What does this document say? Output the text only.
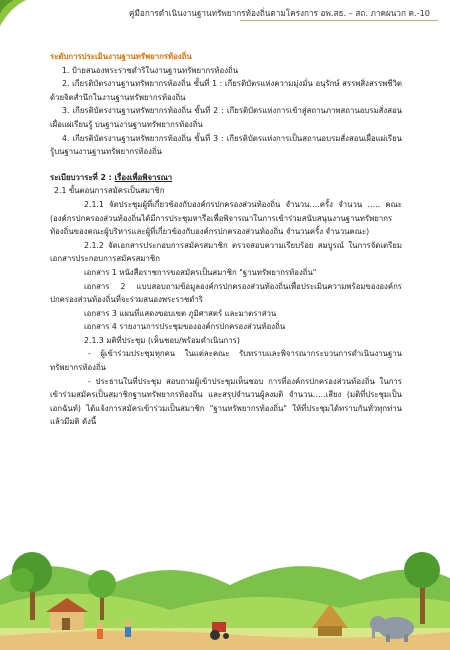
คู่มือการดำเนินงานฐานทรัพยากรท้องถิ่นตามโครงการ อพ.สธ. – สถ. ภาคผนวก ค.-10

ระดับการประเมินงานฐานทรัพยากรท้องถิ่น

1. ป้ายสนองพระราชดำริในงานฐานทรัพยากรท้องถิ่น

2. เกียรติบัตรงานฐานทรัพยากรท้องถิ่น ขั้นที่ 1 : เกียรติบัตรแห่งความมุ่งมั่น อนุรักษ์ สรรพสิ่งสรรพชีวิต ด้วยจิตสำนึกในงานฐานทรัพยากรท้องถิ่น

3. เกียรติบัตรงานฐานทรัพยากรท้องถิ่น ขั้นที่ 2 : เกียรติบัตรแห่งการเข้าสู่สถานภาพสถานอบรมสั่งสอนเผื่อแผ่เรียนรู้ บนฐานงานฐานทรัพยากรท้องถิ่น

4. เกียรติบัตรงานฐานทรัพยากรท้องถิ่น ขั้นที่ 3 : เกียรติบัตรแห่งการเป็นสถานอบรมสั่งสอนเผื่อแผ่เรียนรู้บนฐานงานฐานทรัพยากรท้องถิ่น

ระเบียบวาระที่ 2 : เรื่องเพื่อพิจารณา

2.1 ขั้นตอนการสมัครเป็นสมาชิก

2.1.1 จัดประชุมผู้ที่เกี่ยวข้องกับองค์กรปกครองส่วนท้องถิ่น จำนวน….ครั้ง จำนวน ….. คณะ (องค์กรปกครองส่วนท้องถิ่นได้มีการประชุมหารือเพื่อพิจารณาในการเข้าร่วมสนับสนุนงานฐานทรัพยากรท้องถิ่นของคณะผู้บริหารและผู้ที่เกี่ยวข้องกับองค์กรปกครองส่วนท้องถิ่น จำนวนครั้ง จำนวนคณะ)

2.1.2 จัดเอกสารประกอบการสมัครสมาชิก ตรวจสอบความเรียบร้อย สมบูรณ์ ในการจัดเตรียมเอกสารประกอบการสมัครสมาชิก

เอกสาร 1 หนังสือราชการขอสมัครเป็นสมาชิก "ฐานทรัพยากรท้องถิ่น"

เอกสาร 2 แบบสอบถามข้อมูลองค์กรปกครองส่วนท้องถิ่นเพื่อประเมินความพร้อมขององค์กรปกครองส่วนท้องถิ่นที่จะร่วมสนองพระราชดำริ

เอกสาร 3 แผนที่แสดงขอบเขต ภูมิศาสตร์ และมาตราส่วน

เอกสาร 4 รายงานการประชุมขององค์กรปกครองส่วนท้องถิ่น

2.1.3 มติที่ประชุม (เห็นชอบ/พร้อมดำเนินการ)

- ผู้เข้าร่วมประชุมทุกคน ในแต่ละคณะ รับทราบและพิจารณากระบวนการดำเนินงานฐานทรัพยากรท้องถิ่น

- ประธานในที่ประชุม สอบถามผู้เข้าประชุมเห็นชอบ การที่องค์กรปกครองส่วนท้องถิ่น ในการเข้าร่วมสมัครเป็นสมาชิกฐานทรัพยากรท้องถิ่น และสรุปจำนวนผู้ลงมติ จำนวน…..เสียง (มติที่ประชุมเป็นเอกฉันท์) ได้แจ้งการสมัครเข้าร่วมเป็นสมาชิก "ฐานทรัพยากรท้องถิ่น" ให้ที่ประชุมได้ทราบกันทั่วทุกท่านแล้วมีมติ ดังนี้
